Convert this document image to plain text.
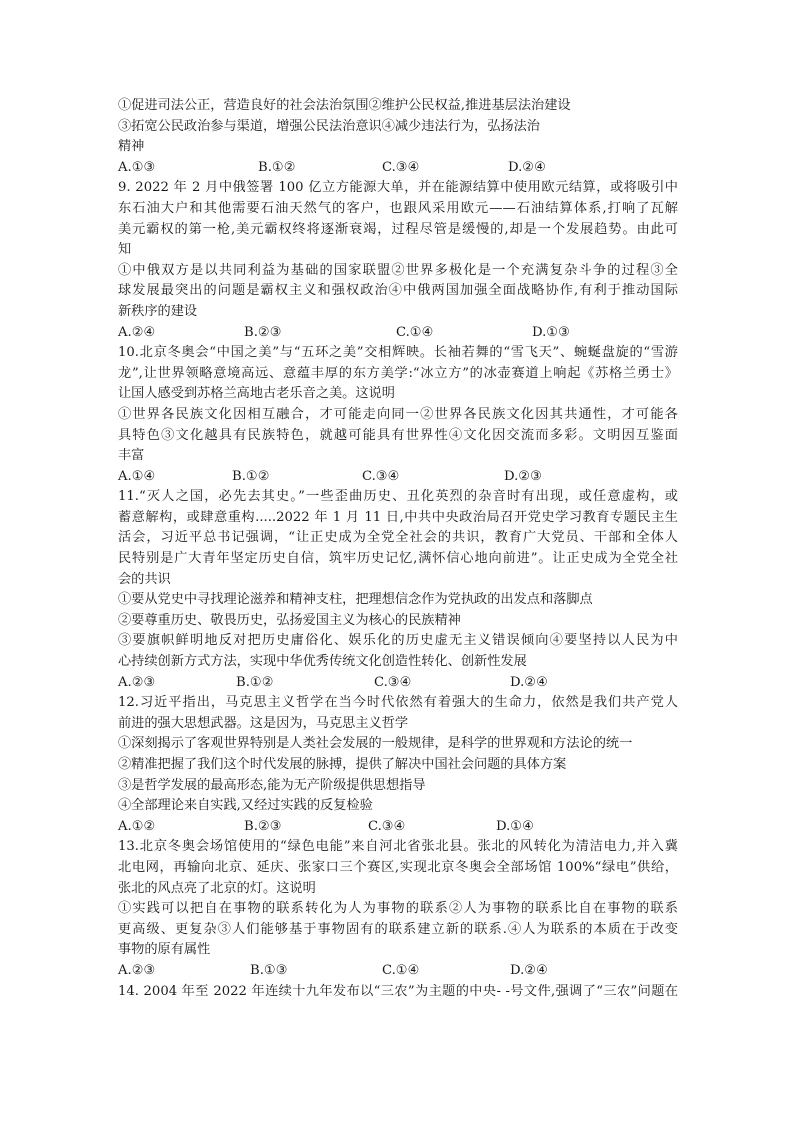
①促进司法公正，营造良好的社会法治氛围②维护公民权益,推进基层法治建设
③拓宽公民政治参与渠道，增强公民法治意识④减少违法行为，弘扬法治
精神
A.①③	B.①②	C.③④	D.②④
9. 2022 年 2 月中俄签署 100 亿立方能源大单，并在能源结算中使用欧元结算，或将吸引中
东石油大户和其他需要石油天然气的客户，也跟风采用欧元——石油结算体系,打响了瓦解
美元霸权的第一枪,美元霸权终将逐渐衰竭，过程尽管是缓慢的,却是一个发展趋势。由此可
知
①中俄双方是以共同利益为基础的国家联盟②世界多极化是一个充满复杂斗争的过程③全
球发展最突出的问题是霸权主义和强权政治④中俄两国加强全面战略协作,有利于推动国际
新秩序的建设
A.②④	B.②③	C.①④	D.①③
10.北京冬奥会“中国之美”与“五环之美”交相辉映。长袖若舞的“雪飞天”、蜿蜒盘旋的“雪游
龙”,让世界领略意境高远、意蕴丰厚的东方美学:“冰立方”的冰壶赛道上响起《苏格兰勇士》
让国人感受到苏格兰高地古老乐音之美。这说明
①世界各民族文化因相互融合，才可能走向同一②世界各民族文化因其共通性，才可能各
具特色③文化越具有民族特色，就越可能具有世界性④文化因交流而多彩。文明因互鉴面
丰富
A.①④	B.①②	C.③④	D.②③
11.“灭人之国，必先去其史。”一些歪曲历史、丑化英烈的杂音时有出现，或任意虚构，或
蓄意解构，或肆意重构.....2022 年 1 月 11 日,中共中央政治局召开党史学习教育专题民主生
活会，习近平总书记强调，“让正史成为全党全社会的共识，教育广大党员、干部和全体人
民特别是广大青年坚定历史自信，筑牢历史记忆,满怀信心地向前进”。让正史成为全党全社
会的共识
①要从党史中寻找理论滋养和精神支柱，把理想信念作为党执政的出发点和落脚点
②要尊重历史、敬畏历史，弘扬爱国主义为核心的民族精神
③要旗帜鲜明地反对把历史庸俗化、娱乐化的历史虚无主义错误倾向④要坚持以人民为中
心持续创新方式方法，实现中华优秀传统文化创造性转化、创新性发展
A.②③	B.①②	C.③④	D.②④
12.习近平指出，马克思主义哲学在当今时代依然有着强大的生命力，依然是我们共产党人
前进的强大思想武器。这是因为，马克思主义哲学
①深刻揭示了客观世界特别是人类社会发展的一般规律，是科学的世界观和方法论的统一
②精准把握了我们这个时代发展的脉搏，提供了解决中国社会问题的具体方案
③是哲学发展的最高形态,能为无产阶级提供思想指导
④全部理论来自实践,又经过实践的反复检验
A.①②	B.②③	C.③④	D.①④
13.北京冬奥会场馆使用的“绿色电能”来自河北省张北县。张北的风转化为清洁电力,并入冀
北电网，再输向北京、延庆、张家口三个赛区,实现北京冬奥会全部场馆 100%“绿电”供给，
张北的风点亮了北京的灯。这说明
①实践可以把自在事物的联系转化为人为事物的联系②人为事物的联系比自在事物的联系
更高级、更复杂③人们能够基于事物固有的联系建立新的联系.④人为联系的本质在于改变
事物的原有属性
A.②③	B.①③	C.①④	D.②④
14. 2004 年至 2022 年连续十九年发布以“三农”为主题的中央- -号文件,强调了“三农”问题在
